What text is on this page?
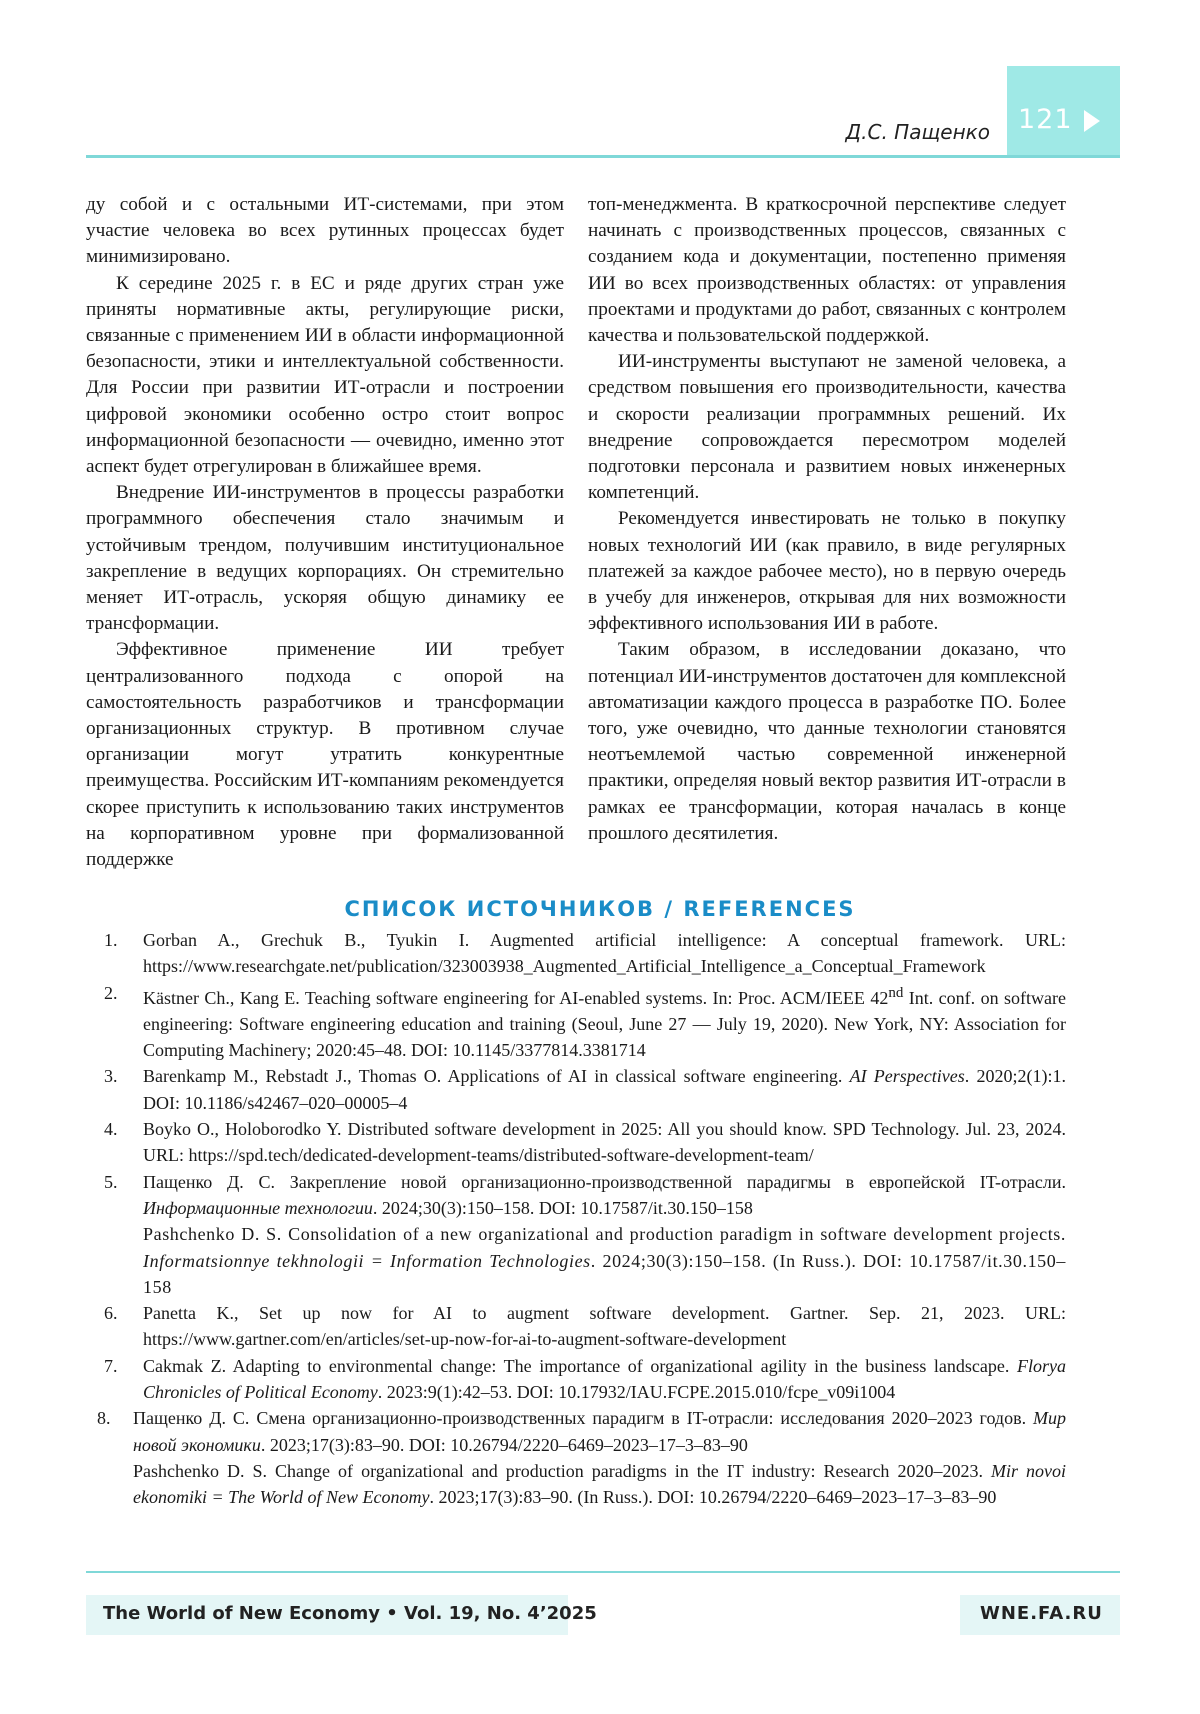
121
Д.С. Пащенко

ду собой и с остальными ИТ-системами, при этом участие человека во всех рутинных процессах будет минимизировано.

К середине 2025 г. в ЕС и ряде других стран уже приняты нормативные акты, регулирующие риски, связанные с применением ИИ в области информационной безопасности, этики и интеллектуальной собственности. Для России при развитии ИТ-отрасли и построении цифровой экономики особенно остро стоит вопрос информационной безопасности — очевидно, именно этот аспект будет отрегулирован в ближайшее время.

Внедрение ИИ-инструментов в процессы разработки программного обеспечения стало значимым и устойчивым трендом, получившим институциональное закрепление в ведущих корпорациях. Он стремительно меняет ИТ-отрасль, ускоряя общую динамику ее трансформации.

Эффективное применение ИИ требует централизованного подхода с опорой на самостоятельность разработчиков и трансформации организационных структур. В противном случае организации могут утратить конкурентные преимущества. Российским ИТ-компаниям рекомендуется скорее приступить к использованию таких инструментов на корпоративном уровне при формализованной поддержке

топ-менеджмента. В краткосрочной перспективе следует начинать с производственных процессов, связанных с созданием кода и документации, постепенно применяя ИИ во всех производственных областях: от управления проектами и продуктами до работ, связанных с контролем качества и пользовательской поддержкой.

ИИ-инструменты выступают не заменой человека, а средством повышения его производительности, качества и скорости реализации программных решений. Их внедрение сопровождается пересмотром моделей подготовки персонала и развитием новых инженерных компетенций.

Рекомендуется инвестировать не только в покупку новых технологий ИИ (как правило, в виде регулярных платежей за каждое рабочее место), но в первую очередь в учебу для инженеров, открывая для них возможности эффективного использования ИИ в работе.

Таким образом, в исследовании доказано, что потенциал ИИ-инструментов достаточен для комплексной автоматизации каждого процесса в разработке ПО. Более того, уже очевидно, что данные технологии становятся неотъемлемой частью современной инженерной практики, определяя новый вектор развития ИТ-отрасли в рамках ее трансформации, которая началась в конце прошлого десятилетия.

СПИСОК ИСТОЧНИКОВ / REFERENCES
1. Gorban A., Grechuk B., Tyukin I. Augmented artificial intelligence: A conceptual framework. URL: https://www.researchgate.net/publication/323003938_Augmented_Artificial_Intelligence_a_Conceptual_Framework
2. Kästner Ch., Kang E. Teaching software engineering for AI-enabled systems. In: Proc. ACM/IEEE 42nd Int. conf. on software engineering: Software engineering education and training (Seoul, June 27 — July 19, 2020). New York, NY: Association for Computing Machinery; 2020:45–48. DOI: 10.1145/3377814.3381714
3. Barenkamp M., Rebstadt J., Thomas O. Applications of AI in classical software engineering. AI Perspectives. 2020;2(1):1. DOI: 10.1186/s42467–020–00005–4
4. Boyko O., Holoborodko Y. Distributed software development in 2025: All you should know. SPD Technology. Jul. 23, 2024. URL: https://spd.tech/dedicated-development-teams/distributed-software-development-team/
5. Пащенко Д. С. Закрепление новой организационно-производственной парадигмы в европейской IT-отрасли. Информационные технологии. 2024;30(3):150–158. DOI: 10.17587/it.30.150–158
Pashchenko D. S. Consolidation of a new organizational and production paradigm in software development projects. Informatsionnye tekhnologii = Information Technologies. 2024;30(3):150–158. (In Russ.). DOI: 10.17587/it.30.150–158
6. Panetta K., Set up now for AI to augment software development. Gartner. Sep. 21, 2023. URL: https://www.gartner.com/en/articles/set-up-now-for-ai-to-augment-software-development
7. Cakmak Z. Adapting to environmental change: The importance of organizational agility in the business landscape. Florya Chronicles of Political Economy. 2023:9(1):42–53. DOI: 10.17932/IAU.FCPE.2015.010/fcpe_v09i1004
8. Пащенко Д. С. Смена организационно-производственных парадигм в IT-отрасли: исследования 2020–2023 годов. Мир новой экономики. 2023;17(3):83–90. DOI: 10.26794/2220–6469–2023–17–3–83–90
Pashchenko D. S. Change of organizational and production paradigms in the IT industry: Research 2020–2023. Mir novoi ekonomiki = The World of New Economy. 2023;17(3):83–90. (In Russ.). DOI: 10.26794/2220–6469–2023–17–3–83–90
The World of New Economy • Vol. 19, No. 4’2025	WNE.FA.RU
